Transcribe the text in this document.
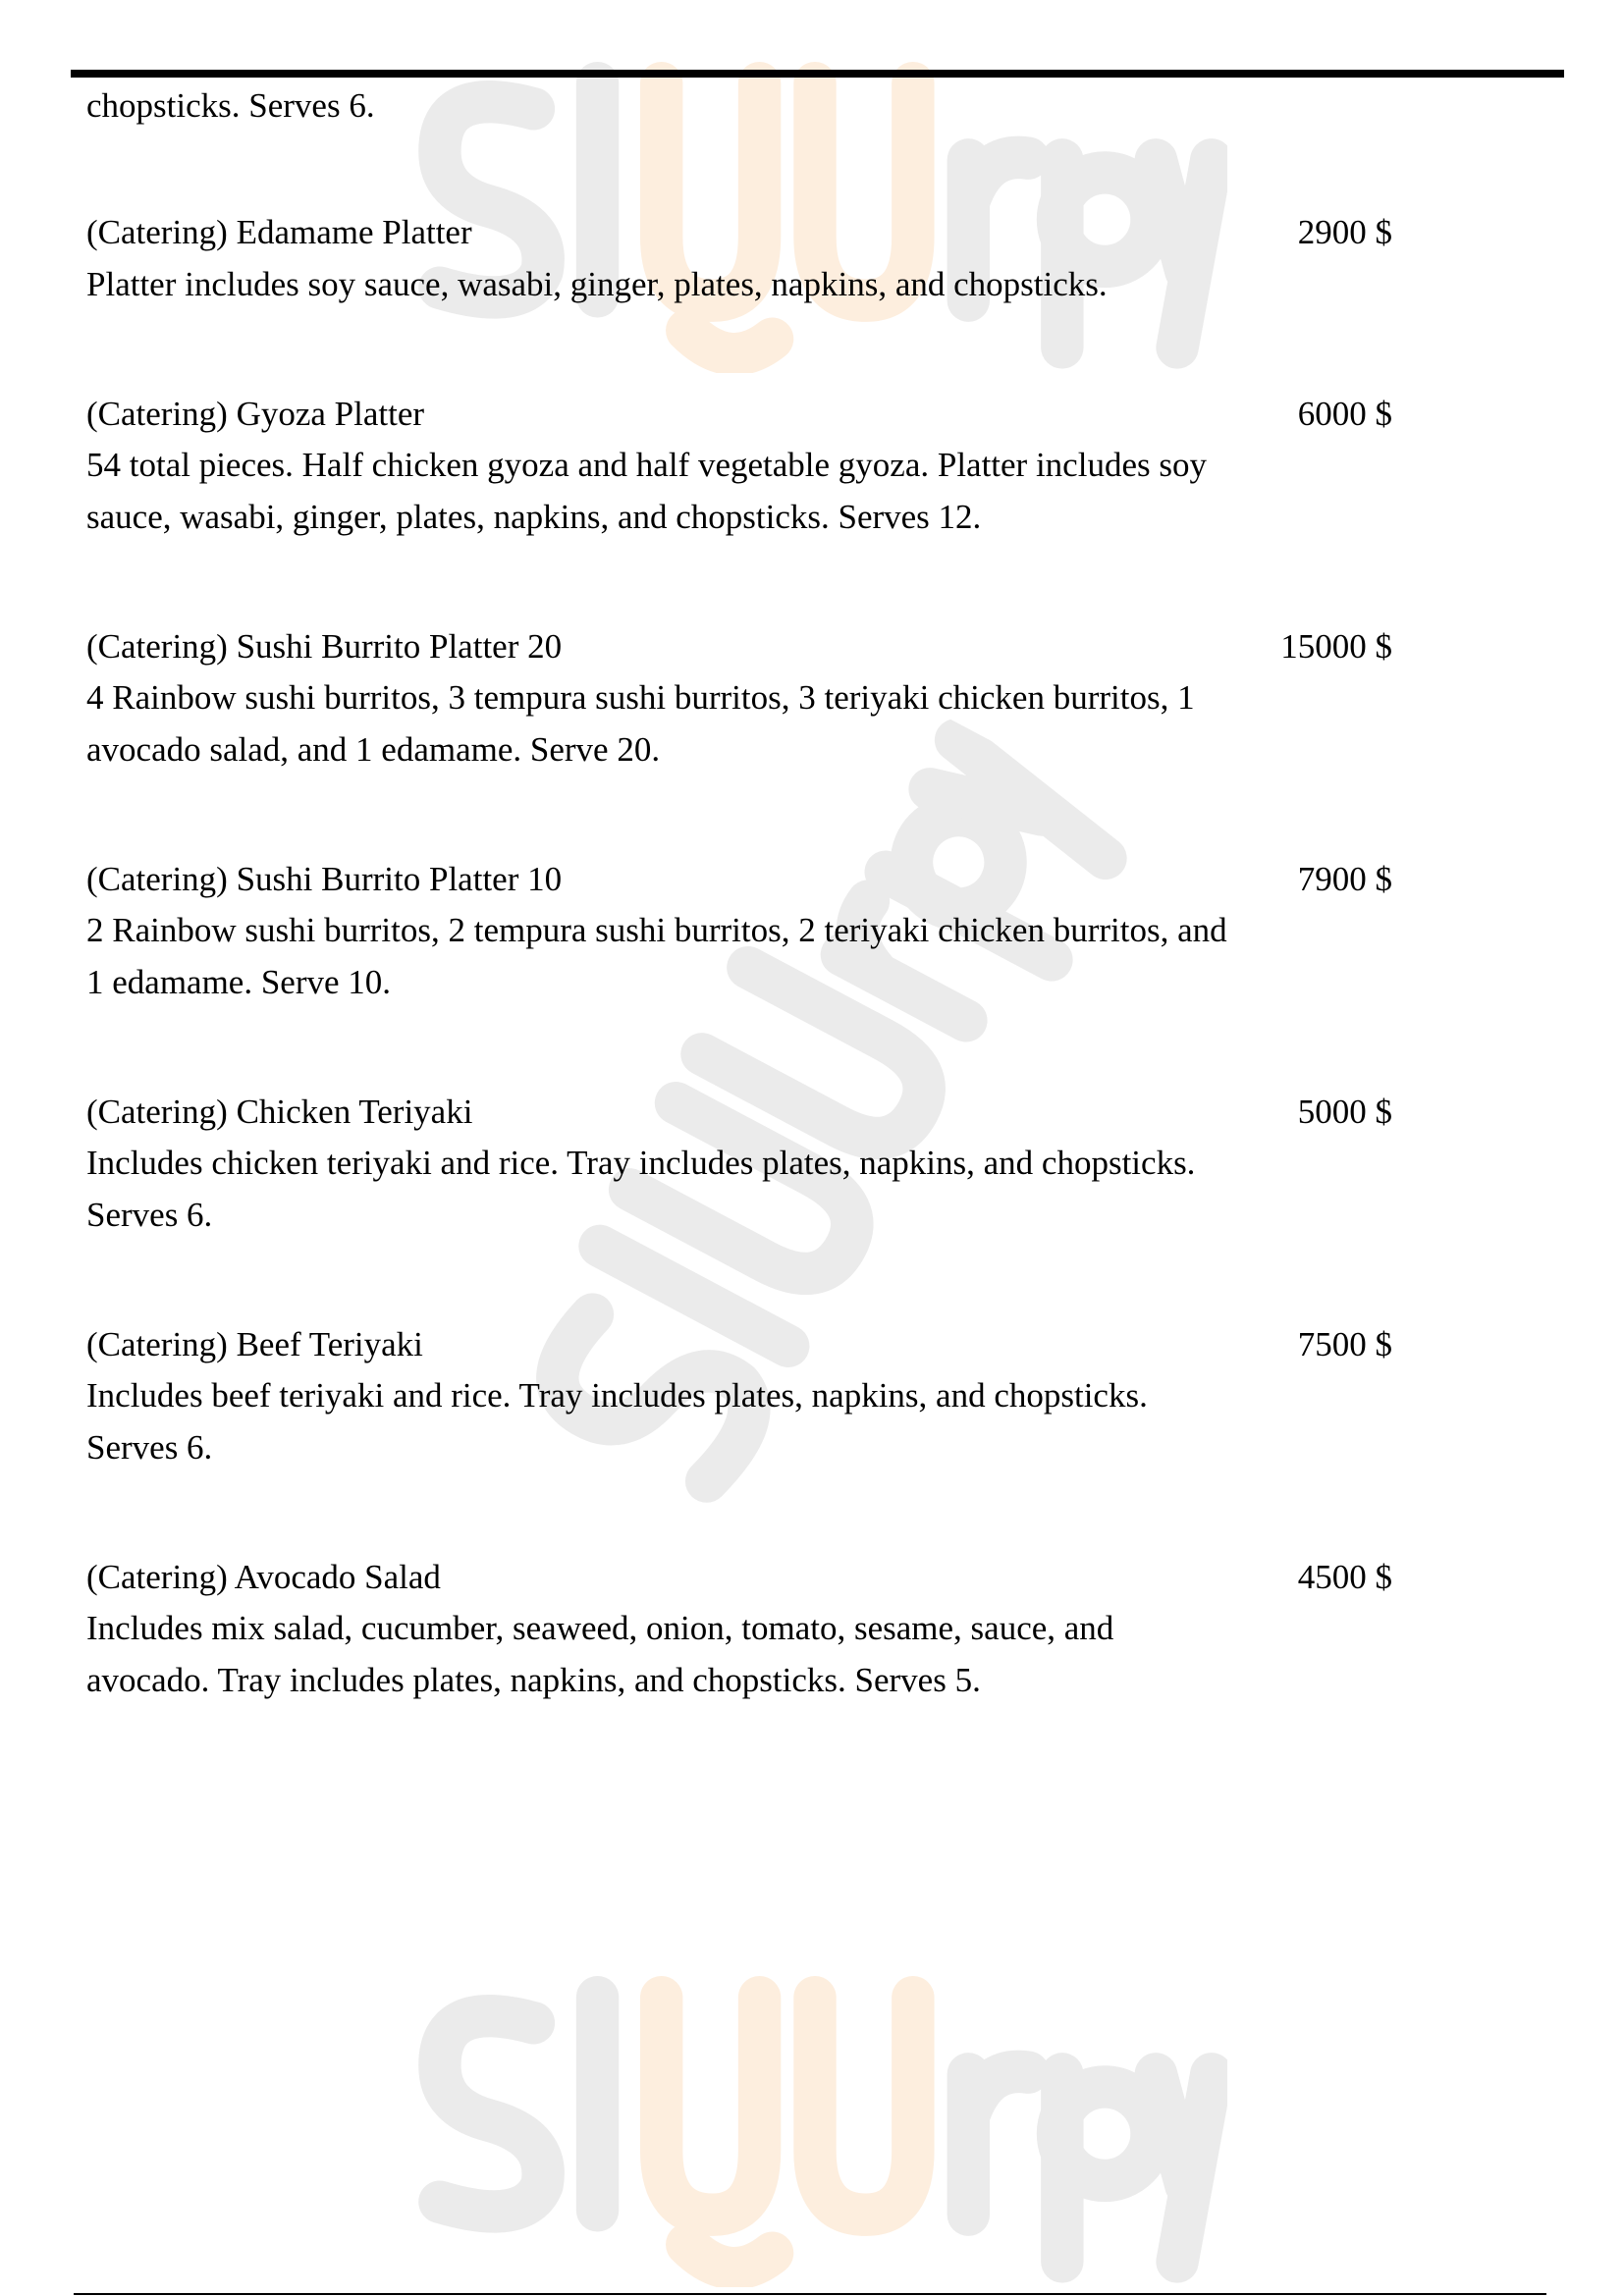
chopsticks. Serves 6.
(Catering) Edamame Platter	2900 $
Platter includes soy sauce, wasabi, ginger, plates, napkins, and chopsticks.
(Catering) Gyoza Platter	6000 $
54 total pieces. Half chicken gyoza and half vegetable gyoza. Platter includes soy sauce, wasabi, ginger, plates, napkins, and chopsticks. Serves 12.
(Catering) Sushi Burrito Platter 20	15000 $
4 Rainbow sushi burritos, 3 tempura sushi burritos, 3 teriyaki chicken burritos, 1 avocado salad, and 1 edamame. Serve 20.
(Catering) Sushi Burrito Platter 10	7900 $
2 Rainbow sushi burritos, 2 tempura sushi burritos, 2 teriyaki chicken burritos, and 1 edamame. Serve 10.
(Catering) Chicken Teriyaki	5000 $
Includes chicken teriyaki and rice. Tray includes plates, napkins, and chopsticks. Serves 6.
(Catering) Beef Teriyaki	7500 $
Includes beef teriyaki and rice. Tray includes plates, napkins, and chopsticks. Serves 6.
(Catering) Avocado Salad	4500 $
Includes mix salad, cucumber, seaweed, onion, tomato, sesame, sauce, and avocado. Tray includes plates, napkins, and chopsticks. Serves 5.
